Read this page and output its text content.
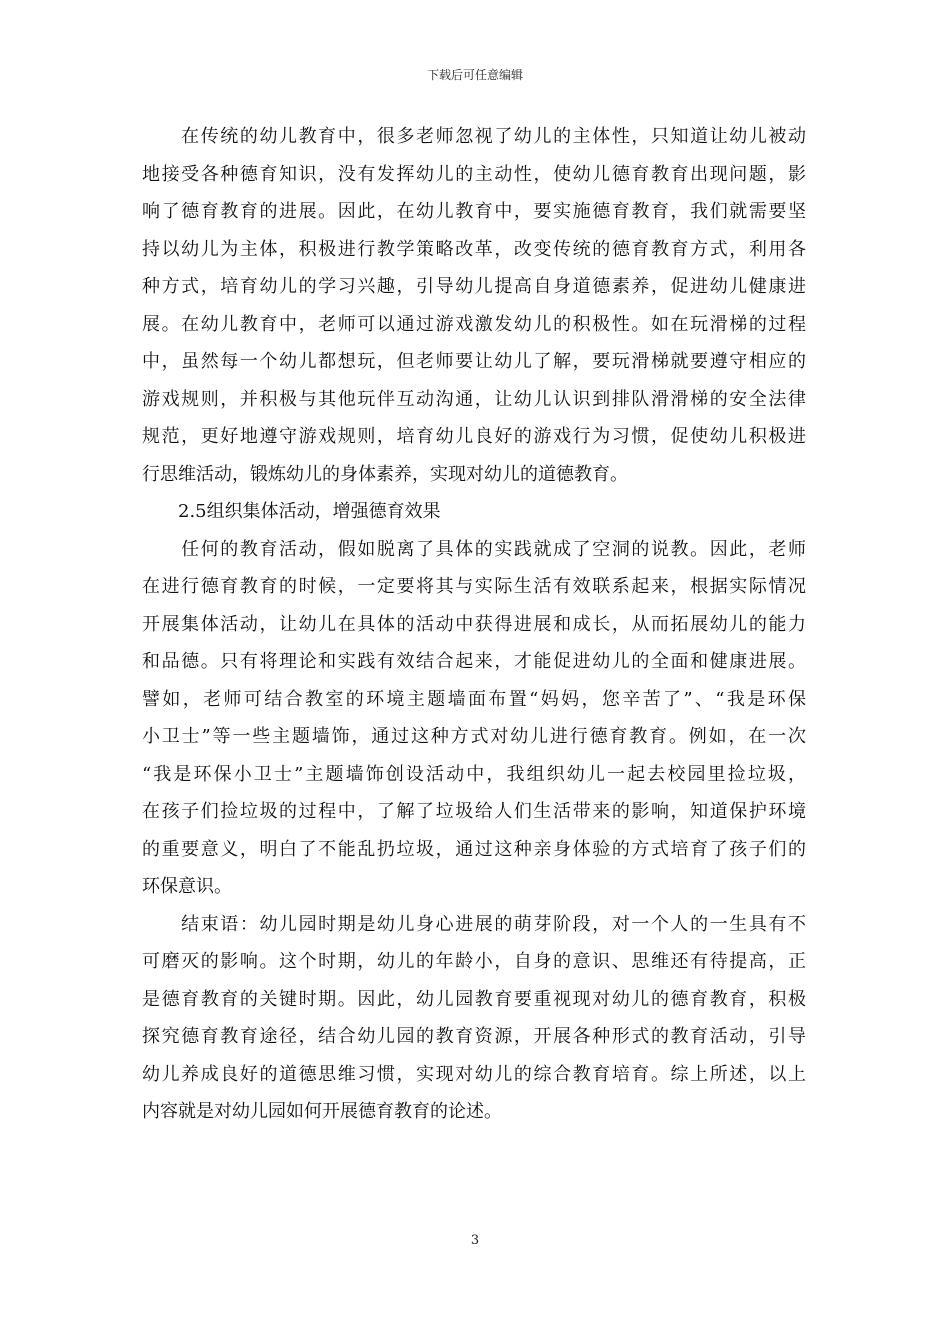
下载后可任意编辑
　　在传统的幼儿教育中，很多老师忽视了幼儿的主体性，只知道让幼儿被动
地接受各种德育知识，没有发挥幼儿的主动性，使幼儿德育教育出现问题，影
响了德育教育的进展。因此，在幼儿教育中，要实施德育教育，我们就需要坚
持以幼儿为主体，积极进行教学策略改革，改变传统的德育教育方式，利用各
种方式，培育幼儿的学习兴趣，引导幼儿提高自身道德素养，促进幼儿健康进
展。在幼儿教育中，老师可以通过游戏激发幼儿的积极性。如在玩滑梯的过程
中，虽然每一个幼儿都想玩，但老师要让幼儿了解，要玩滑梯就要遵守相应的
游戏规则，并积极与其他玩伴互动沟通，让幼儿认识到排队滑滑梯的安全法律
规范，更好地遵守游戏规则，培育幼儿良好的游戏行为习惯，促使幼儿积极进
行思维活动，锻炼幼儿的身体素养，实现对幼儿的道德教育。
　　2.5组织集体活动，增强德育效果
　　任何的教育活动，假如脱离了具体的实践就成了空洞的说教。因此，老师
在进行德育教育的时候，一定要将其与实际生活有效联系起来，根据实际情况
开展集体活动，让幼儿在具体的活动中获得进展和成长，从而拓展幼儿的能力
和品德。只有将理论和实践有效结合起来，才能促进幼儿的全面和健康进展。
譬如，老师可结合教室的环境主题墙面布置“妈妈，您辛苦了”、“我是环保
小卫士”等一些主题墙饰，通过这种方式对幼儿进行德育教育。例如，在一次
“我是环保小卫士”主题墙饰创设活动中，我组织幼儿一起去校园里捡垃圾，
在孩子们捡垃圾的过程中，了解了垃圾给人们生活带来的影响，知道保护环境
的重要意义，明白了不能乱扔垃圾，通过这种亲身体验的方式培育了孩子们的
环保意识。
　　结束语：幼儿园时期是幼儿身心进展的萌芽阶段，对一个人的一生具有不
可磨灭的影响。这个时期，幼儿的年龄小，自身的意识、思维还有待提高，正
是德育教育的关键时期。因此，幼儿园教育要重视现对幼儿的德育教育，积极
探究德育教育途径，结合幼儿园的教育资源，开展各种形式的教育活动，引导
幼儿养成良好的道德思维习惯，实现对幼儿的综合教育培育。综上所述，以上
内容就是对幼儿园如何开展德育教育的论述。
3
